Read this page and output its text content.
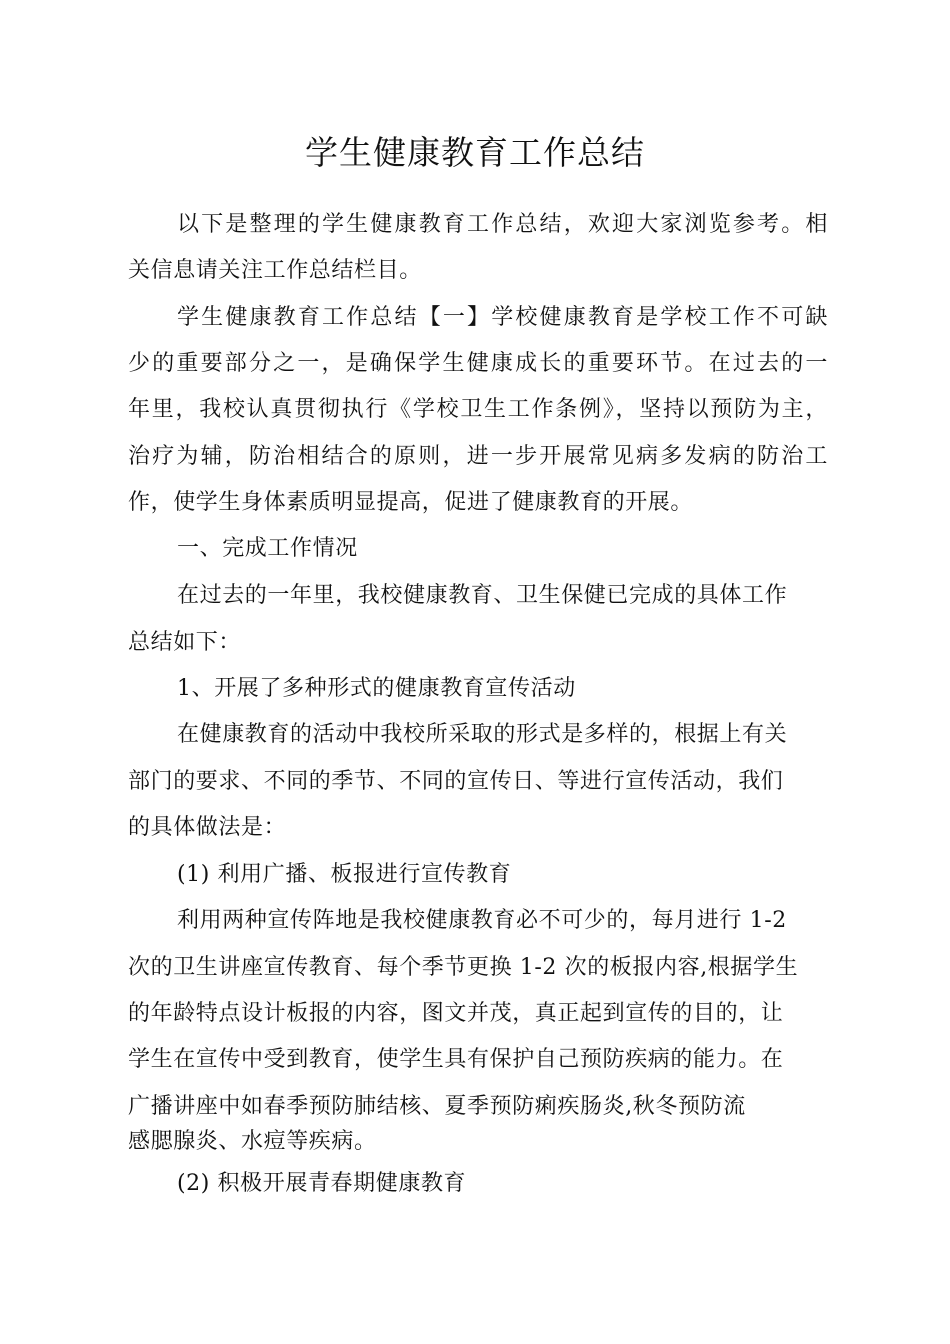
学生健康教育工作总结
以下是整理的学生健康教育工作总结，欢迎大家浏览参考。相
关信息请关注工作总结栏目。
学生健康教育工作总结【一】学校健康教育是学校工作不可缺
少的重要部分之一，是确保学生健康成长的重要环节。在过去的一
年里，我校认真贯彻执行《学校卫生工作条例》，坚持以预防为主，
治疗为辅，防治相结合的原则，进一步开展常见病多发病的防治工
作，使学生身体素质明显提高，促进了健康教育的开展。
一、完成工作情况
在过去的一年里，我校健康教育、卫生保健已完成的具体工作
总结如下：
1、开展了多种形式的健康教育宣传活动
在健康教育的活动中我校所采取的形式是多样的，根据上有关
部门的要求、不同的季节、不同的宣传日、等进行宣传活动，我们
的具体做法是：
(1) 利用广播、板报进行宣传教育
利用两种宣传阵地是我校健康教育必不可少的，每月进行 1-2
次的卫生讲座宣传教育、每个季节更换 1-2 次的板报内容,根据学生
的年龄特点设计板报的内容，图文并茂，真正起到宣传的目的，让
学生在宣传中受到教育，使学生具有保护自己预防疾病的能力。在
广播讲座中如春季预防肺结核、夏季预防痢疾肠炎,秋冬预防流
感腮腺炎、水痘等疾病。
(2) 积极开展青春期健康教育
